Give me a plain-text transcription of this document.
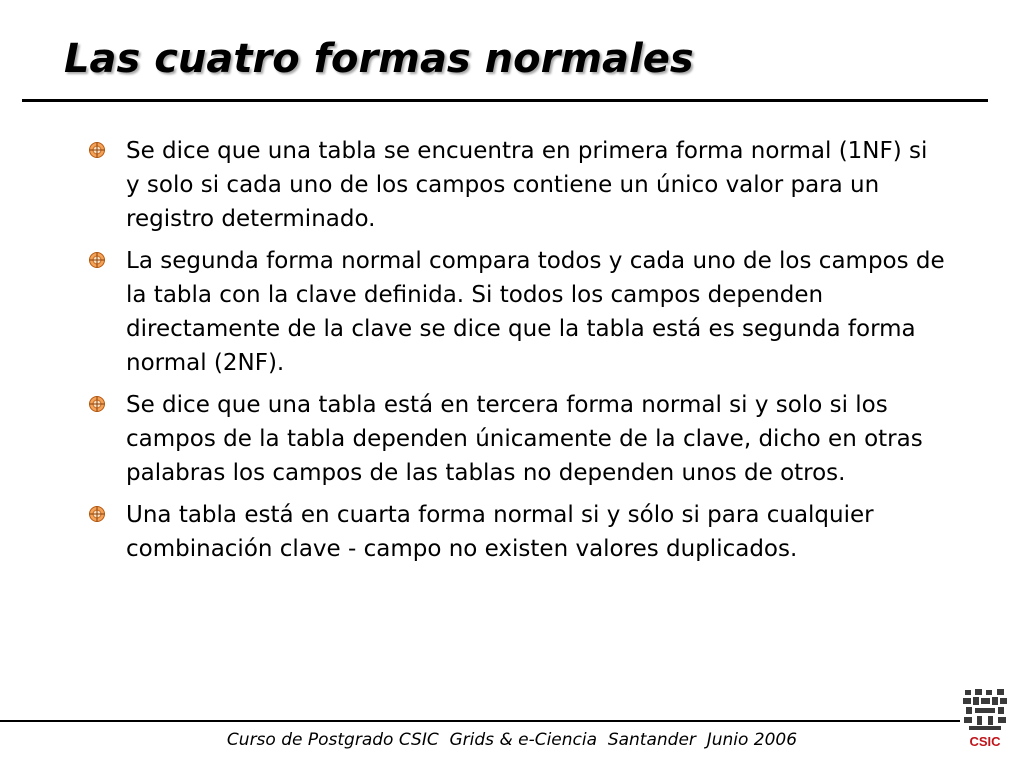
Las cuatro formas normales
Se dice que una tabla se encuentra en primera forma normal (1NF) si y solo si cada uno de los campos contiene un único valor para un registro determinado.
La segunda forma normal compara todos y cada uno de los campos de la tabla con la clave definida. Si todos los campos dependen directamente de la clave se dice que la tabla está es segunda forma normal (2NF).
Se dice que una tabla está en tercera forma normal si y solo si los campos de la tabla dependen únicamente de la clave, dicho en otras palabras los campos de las tablas no dependen unos de otros.
Una tabla está en cuarta forma normal si y sólo si para cualquier combinación clave - campo no existen valores duplicados.
Curso de Postgrado CSIC  Grids & e-Ciencia  Santander  Junio 2006	CSIC
